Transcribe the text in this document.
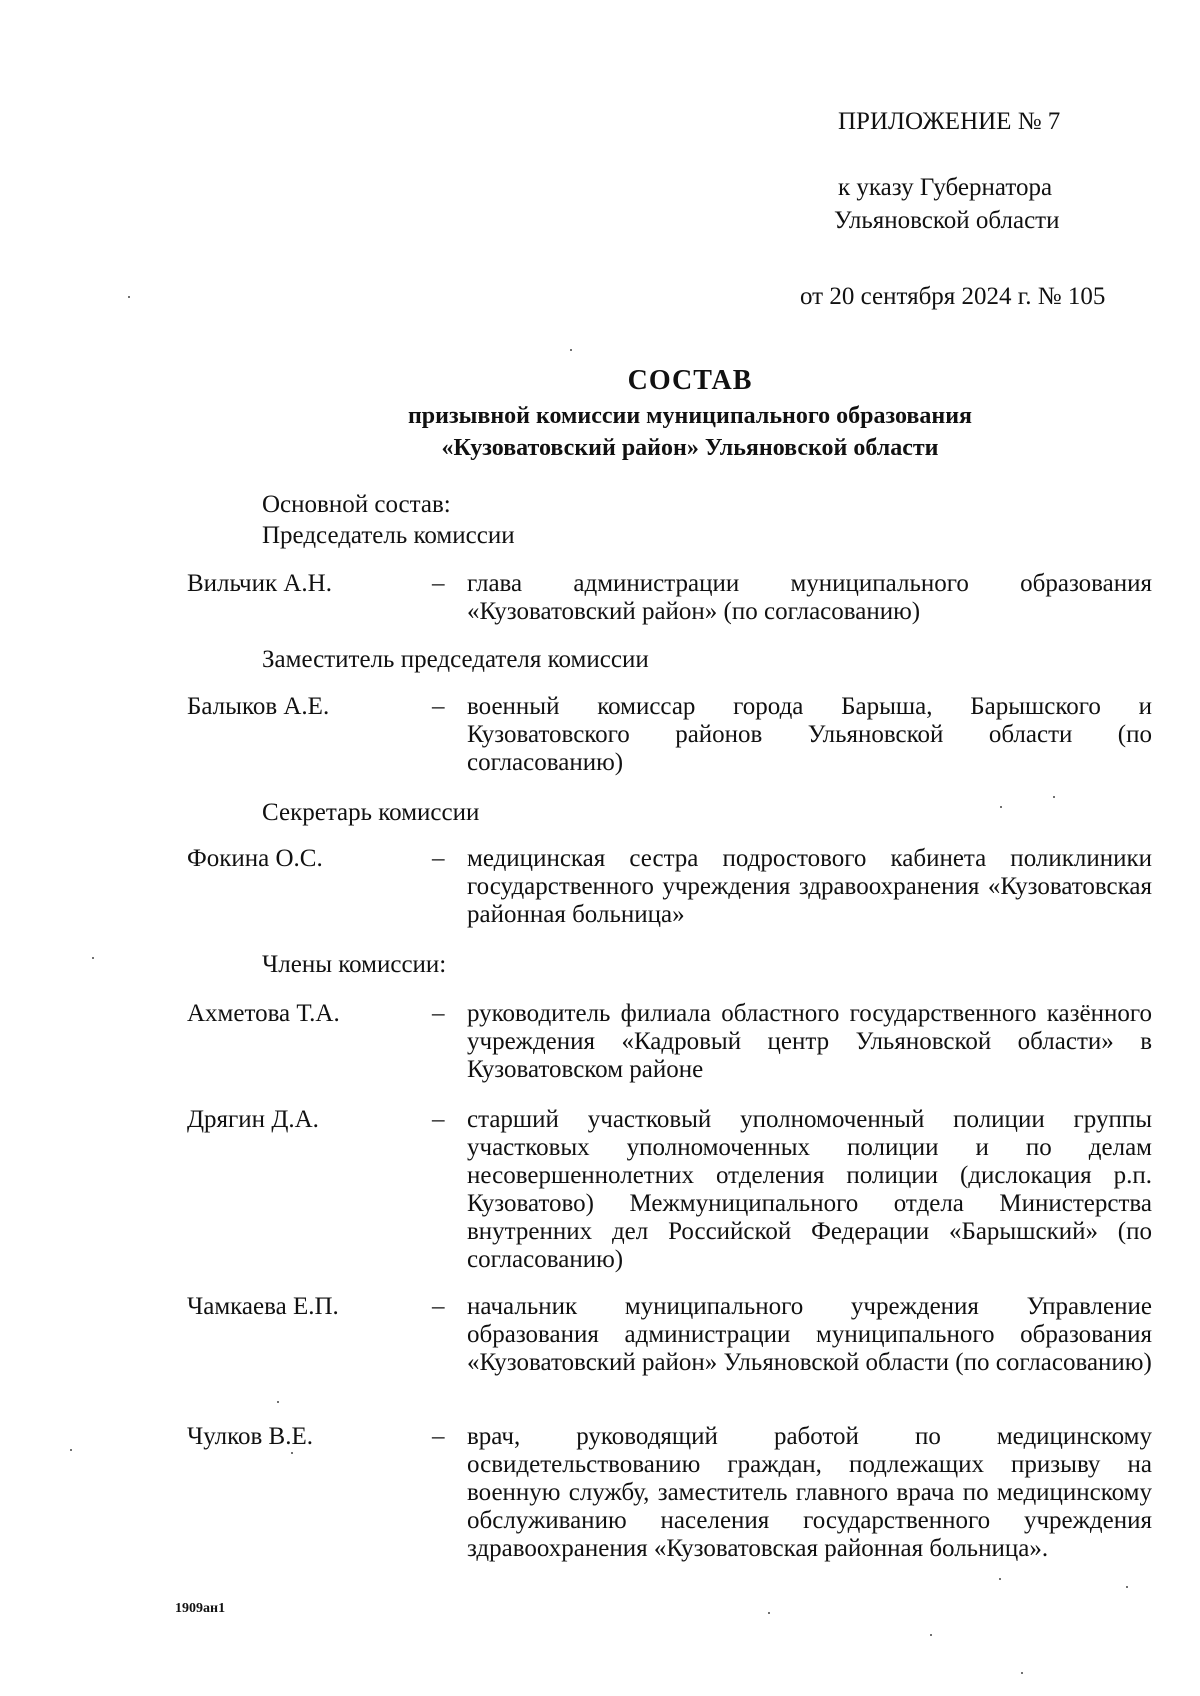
ПРИЛОЖЕНИЕ № 7
к указу Губернатора
Ульяновской области
от 20 сентября 2024 г. № 105
СОСТАВ
призывной комиссии муниципального образования
«Кузоватовский район» Ульяновской области
Основной состав:
Председатель комиссии
Вильчик А.Н.	– глава администрации муниципального образования «Кузоватовский район» (по согласованию)
Заместитель председателя комиссии
Балыков А.Е.	– военный комиссар города Барыша, Барышского и Кузоватовского районов Ульяновской области (по согласованию)
Секретарь комиссии
Фокина О.С.	– медицинская сестра подростового кабинета поликлиники государственного учреждения здравоохранения «Кузоватовская районная больница»
Члены комиссии:
Ахметова Т.А.	– руководитель филиала областного государственного казённого учреждения «Кадровый центр Ульяновской области» в Кузоватовском районе
Дрягин Д.А.	– старший участковый уполномоченный полиции группы участковых уполномоченных полиции и по делам несовершеннолетних отделения полиции (дислокация р.п. Кузоватово) Межмуниципального отдела Министерства внутренних дел Российской Федерации «Барышский» (по согласованию)
Чамкаева Е.П.	– начальник муниципального учреждения Управление образования администрации муниципального образования «Кузоватовский район» Ульяновской области (по согласованию)
Чулков В.Е.	– врач, руководящий работой по медицинскому освидетельствованию граждан, подлежащих призыву на военную службу, заместитель главного врача по медицинскому обслуживанию населения государственного учреждения здравоохранения «Кузоватовская районная больница».
1909ан1
